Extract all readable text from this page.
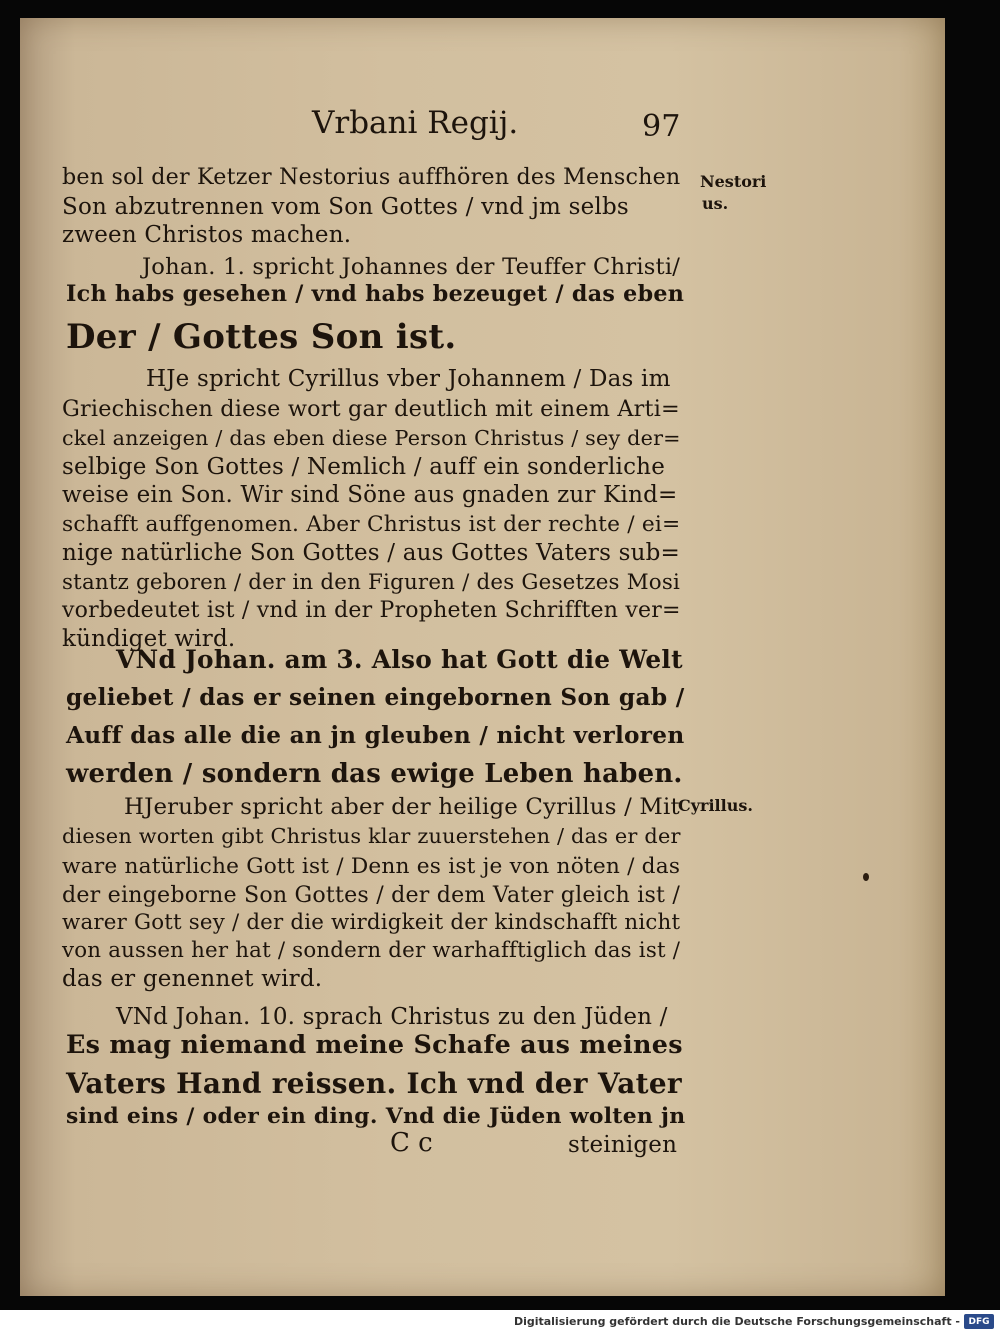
Vrbani Regij.	97
ben sol der Ketzer Nestorius auffhören des Menschen
Son abzutrennen vom Son Gottes / vnd jm selbs
zween Christos machen.
Johan. 1. spricht Johannes der Teuffer Christi/
Ich habs gesehen / vnd habs bezeuget / das eben
Der / Gottes Son ist.
HJe spricht Cyrillus vber Johannem / Das im
Griechischen diese wort gar deutlich mit einem Arti=
ckel anzeigen / das eben diese Person Christus / sey der=
selbige Son Gottes / Nemlich / auff ein sonderliche
weise ein Son. Wir sind Söne aus gnaden zur Kind=
schafft auffgenomen. Aber Christus ist der rechte / ei=
nige natürliche Son Gottes / aus Gottes Vaters sub=
stantz geboren / der in den Figuren / des Gesetzes Mosi
vorbedeutet ist / vnd in der Propheten Schrifften ver=
kündiget wird.
VNd Johan. am 3. Also hat Gott die Welt
geliebet / das er seinen eingebornen Son gab /
Auff das alle die an jn gleuben / nicht verloren
werden / sondern das ewige Leben haben.
HJeruber spricht aber der heilige Cyrillus / Mit
diesen worten gibt Christus klar zuuerstehen / das er der
ware natürliche Gott ist / Denn es ist je von nöten / das
der eingeborne Son Gottes / der dem Vater gleich ist /
warer Gott sey / der die wirdigkeit der kindschafft nicht
von aussen her hat / sondern der warhafftiglich das ist /
das er genennet wird.
VNd Johan. 10. sprach Christus zu den Jüden /
Es mag niemand meine Schafe aus meines
Vaters Hand reissen. Ich vnd der Vater
sind eins / oder ein ding. Vnd die Jüden wolten jn
C c	steinigen
Nestori
us.
Cyrillus.
Digitalisierung gefördert durch die Deutsche Forschungsgemeinschaft - DFG
